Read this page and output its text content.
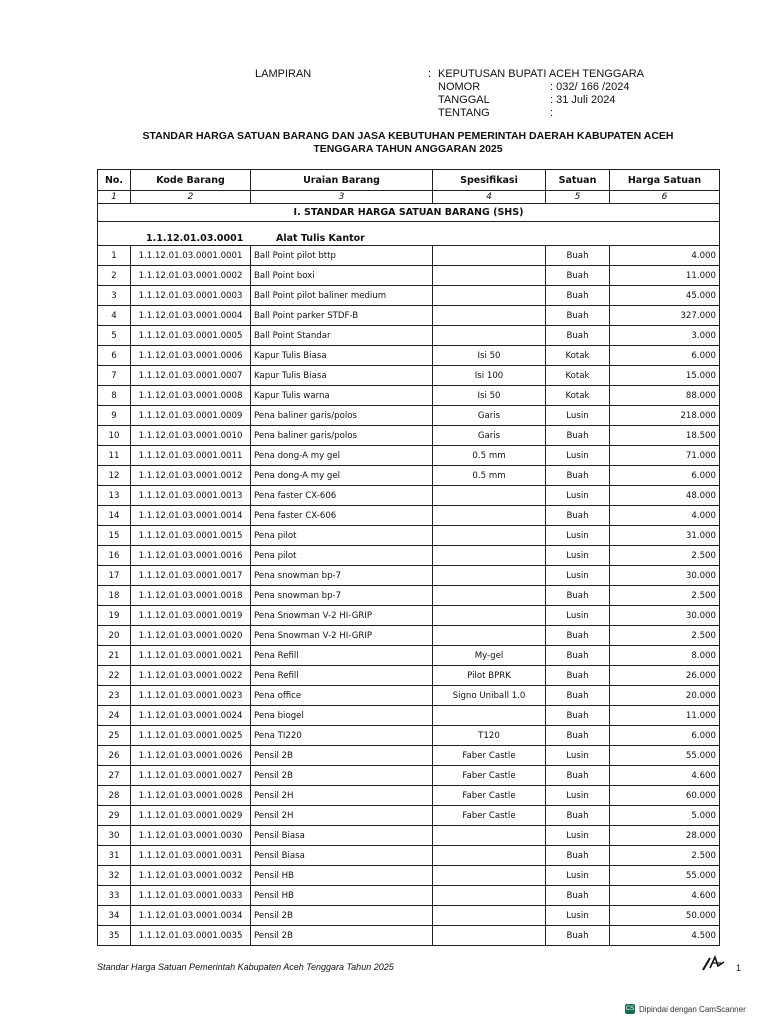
LAMPIRAN	: KEPUTUSAN BUPATI ACEH TENGGARA
NOMOR	: 032/ 166 /2024
TANGGAL	: 31 Juli 2024
TENTANG	:
STANDAR HARGA SATUAN BARANG DAN JASA KEBUTUHAN PEMERINTAH DAERAH KABUPATEN ACEH
TENGGARA TAHUN ANGGARAN 2025
No.	Kode Barang	Uraian Barang	Spesifikasi	Satuan	Harga Satuan
1	2	3	4	5	6
I. STANDAR HARGA SATUAN BARANG (SHS)					

1.1.12.01.03.0001 Alat Tulis Kantor					
1	1.1.12.01.03.0001.0001	Ball Point pilot bttp		Buah	4.000
2	1.1.12.01.03.0001.0002	Ball Point boxi		Buah	11.000
3	1.1.12.01.03.0001.0003	Ball Point pilot baliner medium		Buah	45.000
4	1.1.12.01.03.0001.0004	Ball Point parker STDF-B		Buah	327.000
5	1.1.12.01.03.0001.0005	Ball Point Standar		Buah	3.000
6	1.1.12.01.03.0001.0006	Kapur Tulis Biasa	Isi 50	Kotak	6.000
7	1.1.12.01.03.0001.0007	Kapur Tulis Biasa	Isi 100	Kotak	15.000
8	1.1.12.01.03.0001.0008	Kapur Tulis warna	Isi 50	Kotak	88.000
9	1.1.12.01.03.0001.0009	Pena baliner garis/polos	Garis	Lusin	218.000
10	1.1.12.01.03.0001.0010	Pena baliner garis/polos	Garis	Buah	18.500
11	1.1.12.01.03.0001.0011	Pena dong-A my gel	0.5 mm	Lusin	71.000
12	1.1.12.01.03.0001.0012	Pena dong-A my gel	0.5 mm	Buah	6.000
13	1.1.12.01.03.0001.0013	Pena faster CX-606		Lusin	48.000
14	1.1.12.01.03.0001.0014	Pena faster CX-606		Buah	4.000
15	1.1.12.01.03.0001.0015	Pena pilot		Lusin	31.000
16	1.1.12.01.03.0001.0016	Pena pilot		Lusin	2.500
17	1.1.12.01.03.0001.0017	Pena snowman bp-7		Lusin	30.000
18	1.1.12.01.03.0001.0018	Pena snowman bp-7		Buah	2.500
19	1.1.12.01.03.0001.0019	Pena Snowman V-2 HI-GRIP		Lusin	30.000
20	1.1.12.01.03.0001.0020	Pena Snowman V-2 HI-GRIP		Buah	2.500
21	1.1.12.01.03.0001.0021	Pena Refill	My-gel	Buah	8.000
22	1.1.12.01.03.0001.0022	Pena Refill	Pilot BPRK	Buah	26.000
23	1.1.12.01.03.0001.0023	Pena office	Signo Uniball 1.0	Buah	20.000
24	1.1.12.01.03.0001.0024	Pena biogel		Buah	11.000
25	1.1.12.01.03.0001.0025	Pena TI220	T120	Buah	6.000
26	1.1.12.01.03.0001.0026	Pensil 2B	Faber Castle	Lusin	55.000
27	1.1.12.01.03.0001.0027	Pensil 2B	Faber Castle	Buah	4.600
28	1.1.12.01.03.0001.0028	Pensil 2H	Faber Castle	Lusin	60.000
29	1.1.12.01.03.0001.0029	Pensil 2H	Faber Castle	Buah	5.000
30	1.1.12.01.03.0001.0030	Pensil Biasa		Lusin	28.000
31	1.1.12.01.03.0001.0031	Pensil Biasa		Buah	2.500
32	1.1.12.01.03.0001.0032	Pensil HB		Lusin	55.000
33	1.1.12.01.03.0001.0033	Pensil HB		Buah	4.600
34	1.1.12.01.03.0001.0034	Pensil 2B		Lusin	50.000
35	1.1.12.01.03.0001.0035	Pensil 2B		Buah	4.500
Standar Harga Satuan Pemerintah Kabupaten Aceh Tenggara Tahun 2025	1
CS Dipindai dengan CamScanner
